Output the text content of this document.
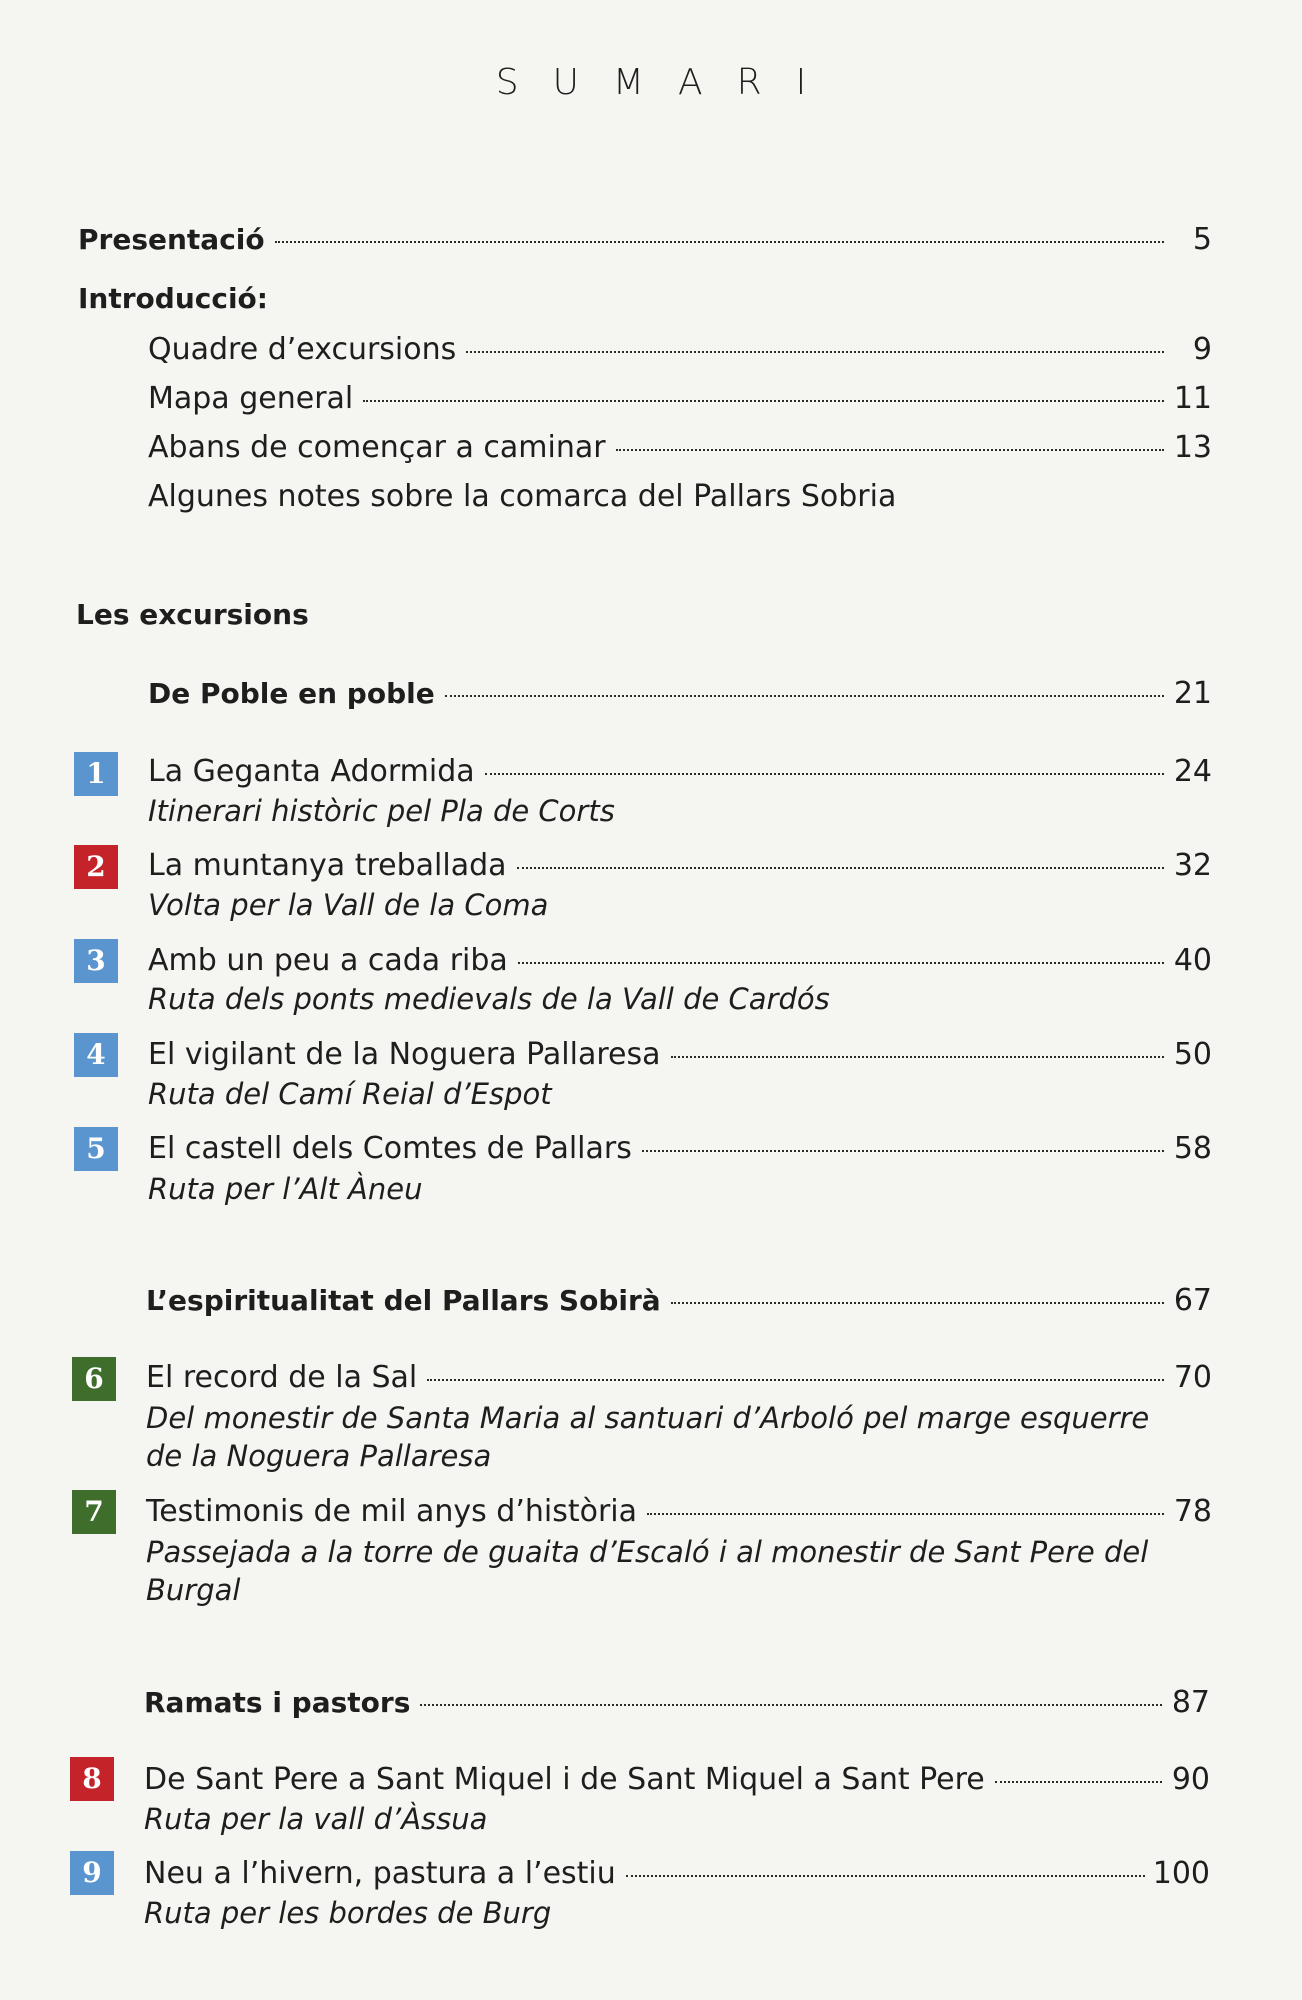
SUMARI
Presentació	5
Introducció:
Quadre d’excursions	9
Mapa general	11
Abans de començar a caminar	13
Algunes notes sobre la comarca del Pallars Sobria
Les excursions
De Poble en poble	21
1	La Geganta Adormida	24
Itinerari històric pel Pla de Corts
2	La muntanya treballada	32
Volta per la Vall de la Coma
3	Amb un peu a cada riba	40
Ruta dels ponts medievals de la Vall de Cardós
4	El vigilant de la Noguera Pallaresa	50
Ruta del Camí Reial d’Espot
5	El castell dels Comtes de Pallars	58
Ruta per l’Alt Àneu
L’espiritualitat del Pallars Sobirà	67
6	El record de la Sal	70
Del monestir de Santa Maria al santuari d’Arboló pel marge esquerre
de la Noguera Pallaresa
7	Testimonis de mil anys d’història	78
Passejada a la torre de guaita d’Escaló i al monestir de Sant Pere del
Burgal
Ramats i pastors	87
8	De Sant Pere a Sant Miquel i de Sant Miquel a Sant Pere	90
Ruta per la vall d’Àssua
9	Neu a l’hivern, pastura a l’estiu	100
Ruta per les bordes de Burg
